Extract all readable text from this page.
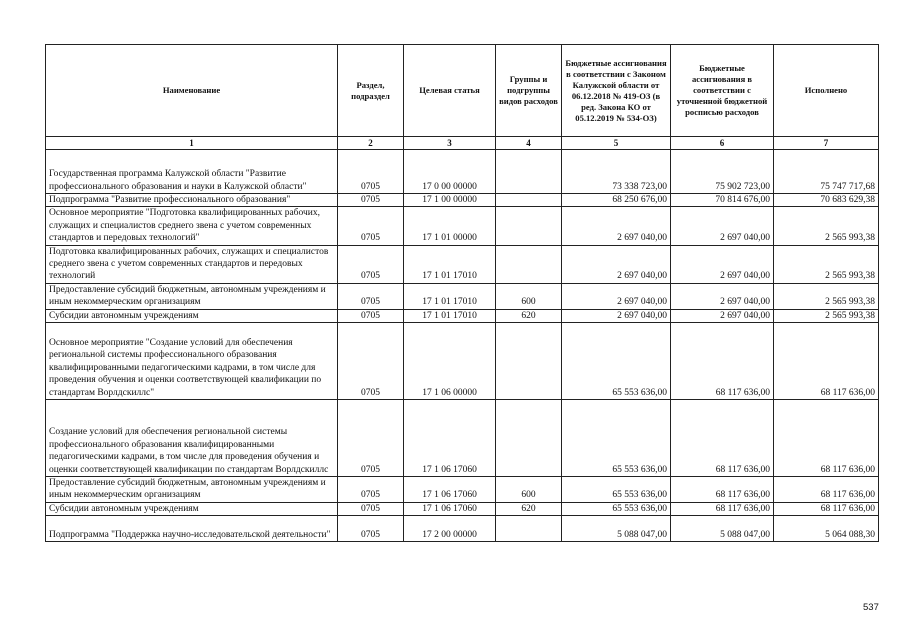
Наименование	Раздел, подраздел	Целевая статья	Группы и подгруппы видов расходов	Бюджетные ассигнования в соответствии с Законом Калужской области от 06.12.2018 № 419-ОЗ (в ред. Закона КО от 05.12.2019 № 534-ОЗ)	Бюджетные ассигнования в соответствии с уточненной бюджетной росписью расходов	Исполнено
1	2	3	4	5	6	7
Государственная программа Калужской области "Развитие профессионального образования и науки в Калужской области"	0705	17 0 00 00000		73 338 723,00	75 902 723,00	75 747 717,68
Подпрограмма "Развитие профессионального образования"	0705	17 1 00 00000		68 250 676,00	70 814 676,00	70 683 629,38
Основное мероприятие "Подготовка квалифицированных рабочих, служащих и специалистов среднего звена с учетом современных стандартов и передовых технологий"	0705	17 1 01 00000		2 697 040,00	2 697 040,00	2 565 993,38
Подготовка квалифицированных рабочих, служащих и специалистов среднего звена с учетом современных стандартов и передовых технологий	0705	17 1 01 17010		2 697 040,00	2 697 040,00	2 565 993,38
Предоставление субсидий бюджетным, автономным учреждениям и иным некоммерческим организациям	0705	17 1 01 17010	600	2 697 040,00	2 697 040,00	2 565 993,38
Субсидии автономным учреждениям	0705	17 1 01 17010	620	2 697 040,00	2 697 040,00	2 565 993,38
Основное мероприятие "Создание условий для обеспечения региональной системы профессионального образования квалифицированными педагогическими кадрами, в том числе для проведения обучения и оценки соответствующей квалификации по стандартам Ворлдскиллс"	0705	17 1 06 00000		65 553 636,00	68 117 636,00	68 117 636,00
Создание условий для обеспечения региональной системы профессионального образования квалифицированными педагогическими кадрами, в том числе для проведения обучения и оценки соответствующей квалификации по стандартам Ворлдскиллс	0705	17 1 06 17060		65 553 636,00	68 117 636,00	68 117 636,00
Предоставление субсидий бюджетным, автономным учреждениям и иным некоммерческим организациям	0705	17 1 06 17060	600	65 553 636,00	68 117 636,00	68 117 636,00
Субсидии автономным учреждениям	0705	17 1 06 17060	620	65 553 636,00	68 117 636,00	68 117 636,00
Подпрограмма "Поддержка научно-исследовательской деятельности"	0705	17 2 00 00000		5 088 047,00	5 088 047,00	5 064 088,30
537
